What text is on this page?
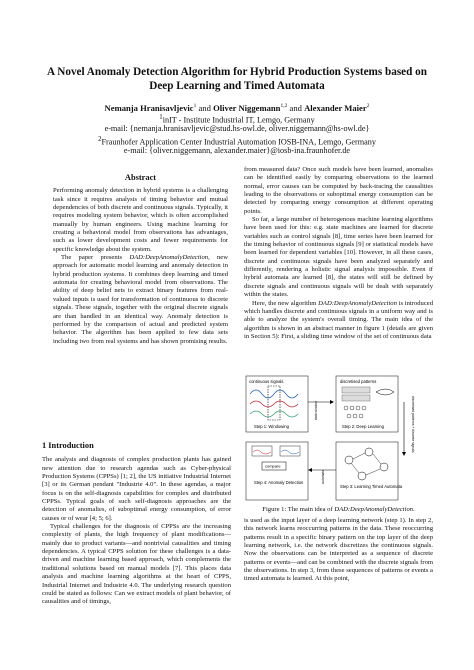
A Novel Anomaly Detection Algorithm for Hybrid Production Systems based on
Deep Learning and Timed Automata
Nemanja Hranisavljevic$^1$ and Oliver Niggemann$^{1,2}$ and Alexander Maier$^2$
$^1$inIT - Institute Industrial IT, Lemgo, Germany
e-mail: {nemanja.hranisavljevic@stud.hs-owl.de, oliver.niggemann@hs-owl.de}
$^2$Fraunhofer Application Center Industrial Automation IOSB-INA, Lemgo, Germany
e-mail: {oliver.niggemann, alexander.maier}@iosb-ina.fraunhofer.de
Abstract

Performing anomaly detection in hybrid systems is a challenging task since it requires analysis of timing behavior and mutual dependencies of both discrete and continuous signals. Typically, it requires modeling system behavior, which is often accomplished manually by human engineers. Using machine learning for creating a behavioral model from observations has advantages, such as lower development costs and fewer requirements for specific knowledge about the system.

The paper presents DAD:DeepAnomalyDetection, new approach for automatic model learning and anomaly detection in hybrid production systems. It combines deep learning and timed automata for creating behavioral model from observations. The ability of deep belief nets to extract binary features from real-valued inputs is used for transformation of continuous to discrete signals. These signals, together with the original discrete signals are than handled in an identical way. Anomaly detection is performed by the comparison of actual and predicted system behavior. The algorithm has been applied to few data sets including two from real systems and has shown promising results.

1 Introduction

The analysis and diagnosis of complex production plants has gained new attention due to research agendas such as Cyber-physical Production Systems (CPPSs) [1; 2], the US initiative Industrial Internet [3] or its German pendant "Industrie 4.0". In these agendas, a major focus is on the self-diagnosis capabilities for complex and distributed CPPSs. Typical goals of such self-diagnosis approaches are the detection of anomalies, of suboptimal energy consumption, of error causes or of wear [4; 5; 6].

Typical challenges for the diagnosis of CPPSs are the increasing complexity of plants, the high frequency of plant modifications—mainly due to product variants—and nontrivial causalities and timing dependencies. A typical CPPS solution for these challenges is a data-driven and machine learning based approach, which complements the traditional solutions based on manual models [7]. This places data analysis and machine learning algorithms at the heart of CPPS, Industrial Internet and Industrie 4.0. The underlying research question could be stated as follows: Can we extract models of plant behavior, of causalities and of timings,

from measured data? Once such models have been learned, anomalies can be identified easily by comparing observations to the learned normal, error causes can be computed by back-tracing the causalities leading to the observations or suboptimal energy consumption can be detected by comparing energy consumption at different operating points.

So far, a large number of heterogenous machine learning algorithms have been used for this: e.g. state machines are learned for discrete variables such as control signals [8], time series have been learned for the timing behavior of continuous signals [9] or statistical models have been learned for dependent variables [10]. However, in all these cases, discrete and continuous signals have been analyzed separately and differently, rendering a holistic signal analysis impossible. Even if hybrid automata are learned [8], the states will still be defined by discrete signals and continuous signals will be dealt with separately within the states.

Here, the new algorithm DAD:DeepAnomalyDetection is introduced which handles discrete and continuous signals in a uniform way and is able to analyze the system's overall timing. The main idea of the algorithm is shown in an abstract manner in figure 1 (details are given in Section 5): First, a sliding time window of the set of continuous data

continuous signals
Step 1: Windowing
data window
discretised patterns
Step 2: Deep Learning	discretised patterns + discrete signals
Step 3: Learning Timed Automata
automata
compare
Step 4: Anomaly Detection
Figure 1: The main idea of DAD:DeepAnomalyDetection.

is used as the input layer of a deep learning network (step 1). In step 2, this network learns reoccurring patterns in the data. These reoccurring patterns result in a specific binary pattern on the top layer of the deep learning network, i.e. the network discretizes the continuous signals. Now the observations can be interpreted as a sequence of discrete patterns or events—and can be combined with the discrete signals from the observations. In step 3, from these sequences of patterns or events a timed automata is learned. At this point,
